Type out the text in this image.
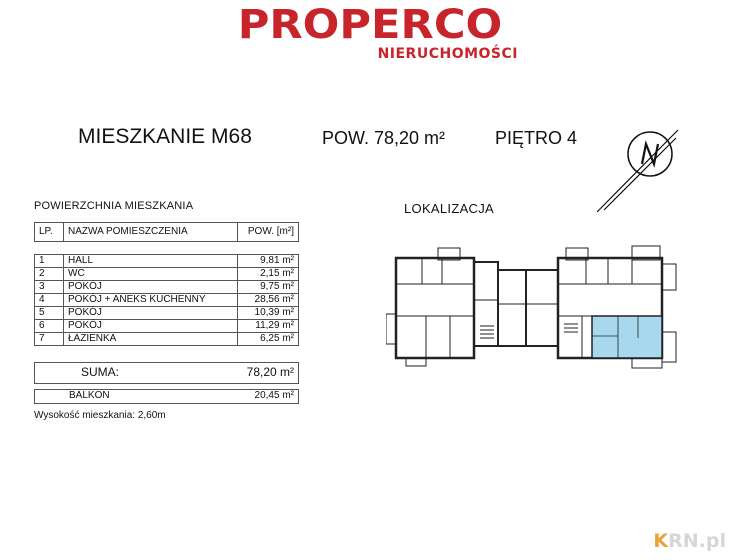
PROPERCO
NIERUCHOMOŚCI
MIESZKANIE M68	POW. 78,20 m²	PIĘTRO 4
POWIERZCHNIA MIESZKANIA	LOKALIZACJA
LP.	NAZWA POMIESZCZENIA	POW. [m²]

1	HALL	9,81 m²
2	WC	2,15 m²
3	POKÓJ	9,75 m²
4	POKÓJ + ANEKS KUCHENNY	28,56 m²
5	POKÓJ	10,39 m²
6	POKÓJ	11,29 m²
7	ŁAZIENKA	6,25 m²
SUMA:	78,20 m²
BALKON	20,45 m²
Wysokość mieszkania: 2,60m
KRN.pl
